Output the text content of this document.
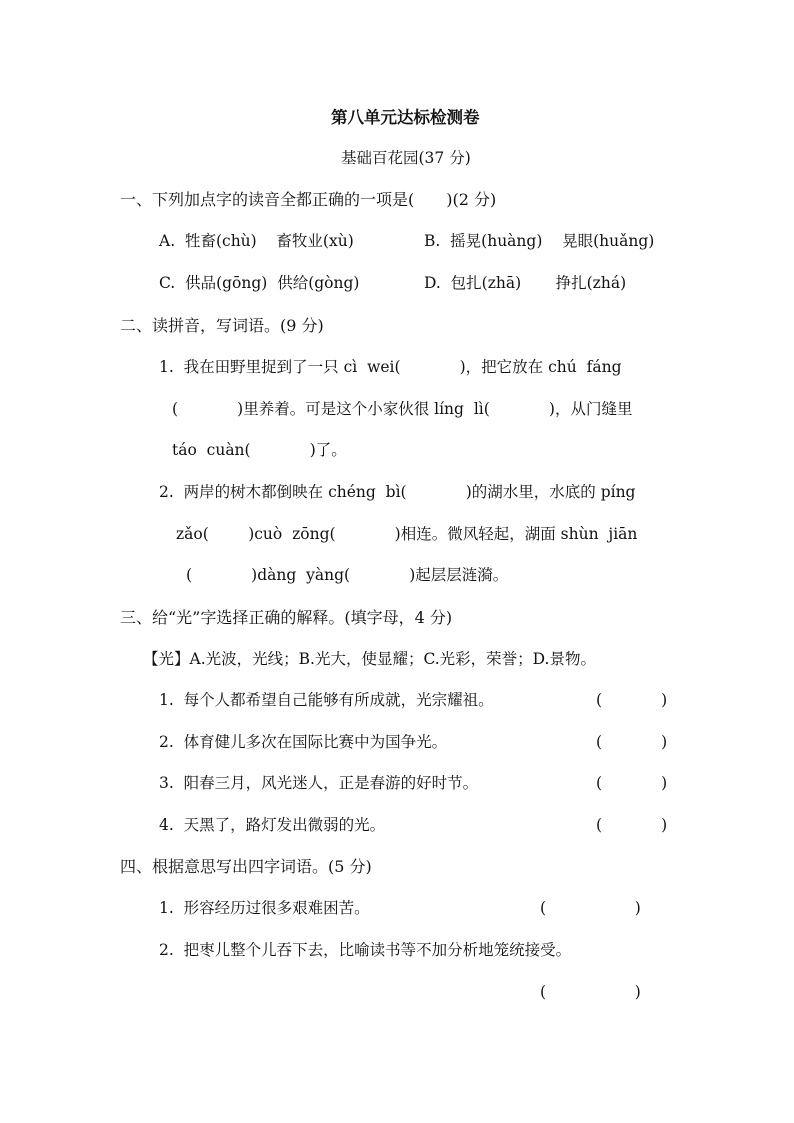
第八单元达标检测卷
基础百花园(37 分)
一、下列加点字的读音全都正确的一项是(　　)(2 分)
A.  牲畜(chù)    畜牧业(xù)	B.  摇晃(huàng)    晃眼(huǎng)
C.  供品(gōng)  供给(gòng)	D.  包扎(zhā)       挣扎(zhá)
二、读拼音，写词语。(9 分)
1.  我在田野里捉到了一只 cì  wei(            )，把它放在 chú  fáng
(            )里养着。可是这个小家伙很 líng  lì(            )，从门缝里
táo  cuàn(            )了。
2.  两岸的树木都倒映在 chéng  bì(            )的湖水里，水底的 píng
zǎo(        )cuò  zōng(            )相连。微风轻起，湖面 shùn  jiān
(            )dàng  yàng(            )起层层涟漪。
三、给“光”字选择正确的解释。(填字母，4 分)
【光】A.光波，光线；B.光大，使显耀；C.光彩，荣誉；D.景物。
1.  每个人都希望自己能够有所成就，光宗耀祖。	(            )
2.  体育健儿多次在国际比赛中为国争光。	(            )
3.  阳春三月，风光迷人，正是春游的好时节。	(            )
4.  天黑了，路灯发出微弱的光。	(            )
四、根据意思写出四字词语。(5 分)
1.  形容经历过很多艰难困苦。	(                  )
2.  把枣儿整个儿吞下去，比喻读书等不加分析地笼统接受。
(                  )
